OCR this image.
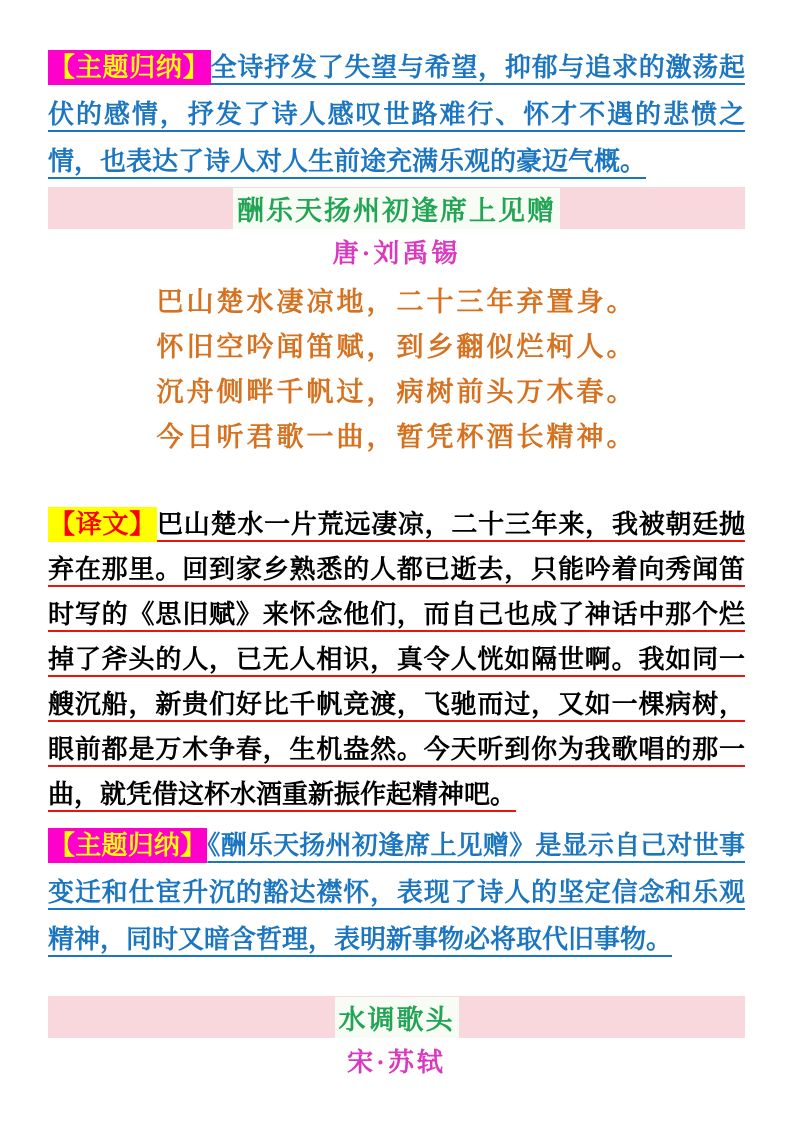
【主题归纳】全诗抒发了失望与希望，抑郁与追求的激荡起伏的感情，抒发了诗人感叹世路难行、怀才不遇的悲愤之情，也表达了诗人对人生前途充满乐观的豪迈气概。

酬乐天扬州初逢席上见赠
唐·刘禹锡
巴山楚水凄凉地，二十三年弃置身。
怀旧空吟闻笛赋，到乡翻似烂柯人。
沉舟侧畔千帆过，病树前头万木春。
今日听君歌一曲，暂凭杯酒长精神。

【译文】巴山楚水一片荒远凄凉，二十三年来，我被朝廷抛弃在那里。回到家乡熟悉的人都已逝去，只能吟着向秀闻笛时写的《思旧赋》来怀念他们，而自己也成了神话中那个烂掉了斧头的人，已无人相识，真令人恍如隔世啊。我如同一艘沉船，新贵们好比千帆竞渡，飞驰而过，又如一棵病树，眼前都是万木争春，生机盎然。今天听到你为我歌唱的那一曲，就凭借这杯水酒重新振作起精神吧。

【主题归纳】《酬乐天扬州初逢席上见赠》是显示自己对世事变迁和仕宦升沉的豁达襟怀，表现了诗人的坚定信念和乐观精神，同时又暗含哲理，表明新事物必将取代旧事物。

水调歌头
宋·苏轼
